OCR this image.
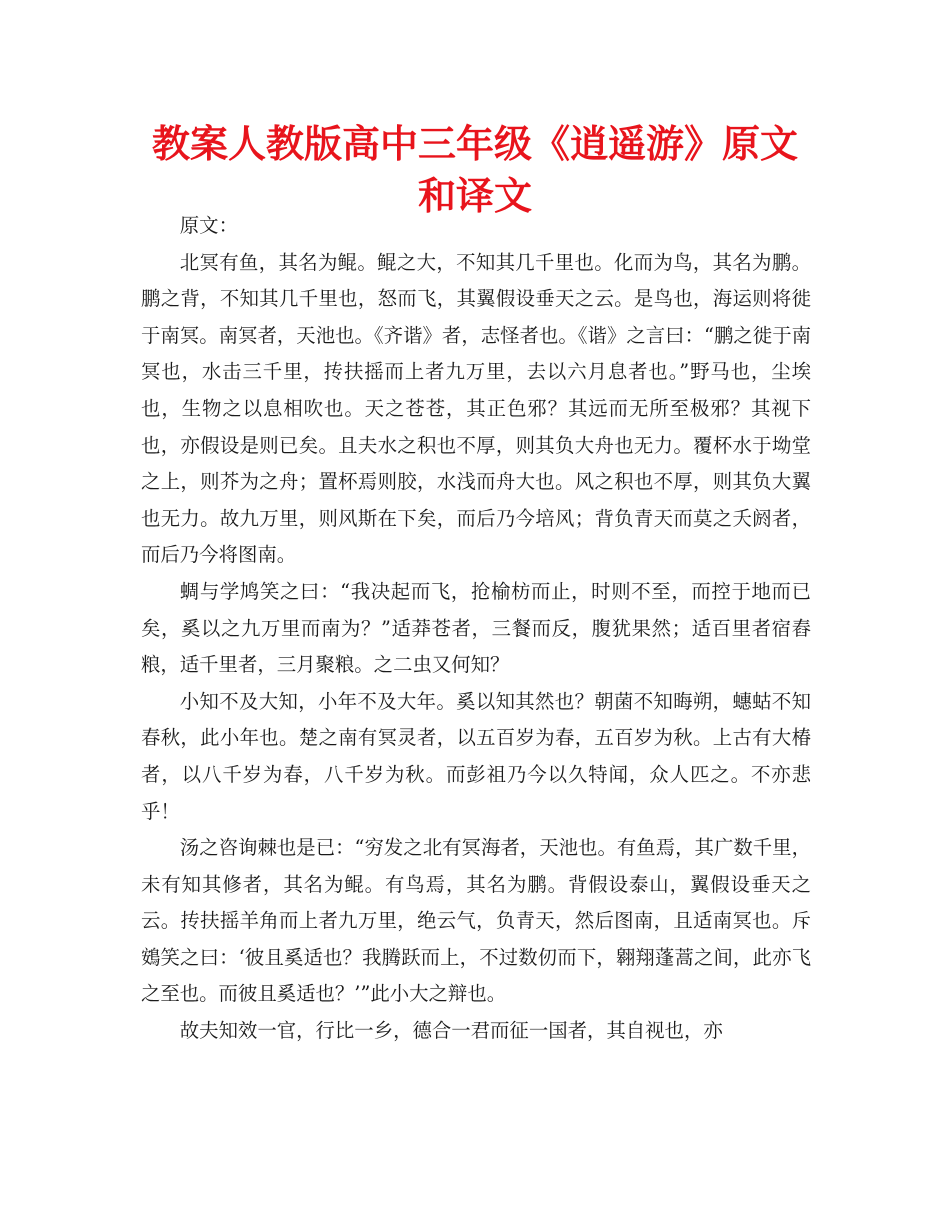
教案人教版高中三年级《逍遥游》原文和译文

原文：

北冥有鱼，其名为鲲。鲲之大，不知其几千里也。化而为鸟，其名为鹏。鹏之背，不知其几千里也，怒而飞，其翼假设垂天之云。是鸟也，海运则将徙于南冥。南冥者，天池也。《齐谐》者，志怪者也。《谐》之言曰：“鹏之徙于南冥也，水击三千里，抟扶摇而上者九万里，去以六月息者也。”野马也，尘埃也，生物之以息相吹也。天之苍苍，其正色邪？其远而无所至极邪？其视下也，亦假设是则已矣。且夫水之积也不厚，则其负大舟也无力。覆杯水于坳堂之上，则芥为之舟；置杯焉则胶，水浅而舟大也。风之积也不厚，则其负大翼也无力。故九万里，则风斯在下矣，而后乃今培风；背负青天而莫之夭阏者，而后乃今将图南。

蜩与学鸠笑之曰：“我决起而飞，抢榆枋而止，时则不至，而控于地而已矣，奚以之九万里而南为？”适莽苍者，三餐而反，腹犹果然；适百里者宿舂粮，适千里者，三月聚粮。之二虫又何知？

小知不及大知，小年不及大年。奚以知其然也？朝菌不知晦朔，蟪蛄不知春秋，此小年也。楚之南有冥灵者，以五百岁为春，五百岁为秋。上古有大椿者，以八千岁为春，八千岁为秋。而彭祖乃今以久特闻，众人匹之。不亦悲乎！

汤之咨询棘也是已：“穷发之北有冥海者，天池也。有鱼焉，其广数千里，未有知其修者，其名为鲲。有鸟焉，其名为鹏。背假设泰山，翼假设垂天之云。抟扶摇羊角而上者九万里，绝云气，负青天，然后图南，且适南冥也。斥鴳笑之曰：‘彼且奚适也？我腾跃而上，不过数仞而下，翱翔蓬蒿之间，此亦飞之至也。而彼且奚适也？’”此小大之辩也。

故夫知效一官，行比一乡，德合一君而征一国者，其自视也，亦
